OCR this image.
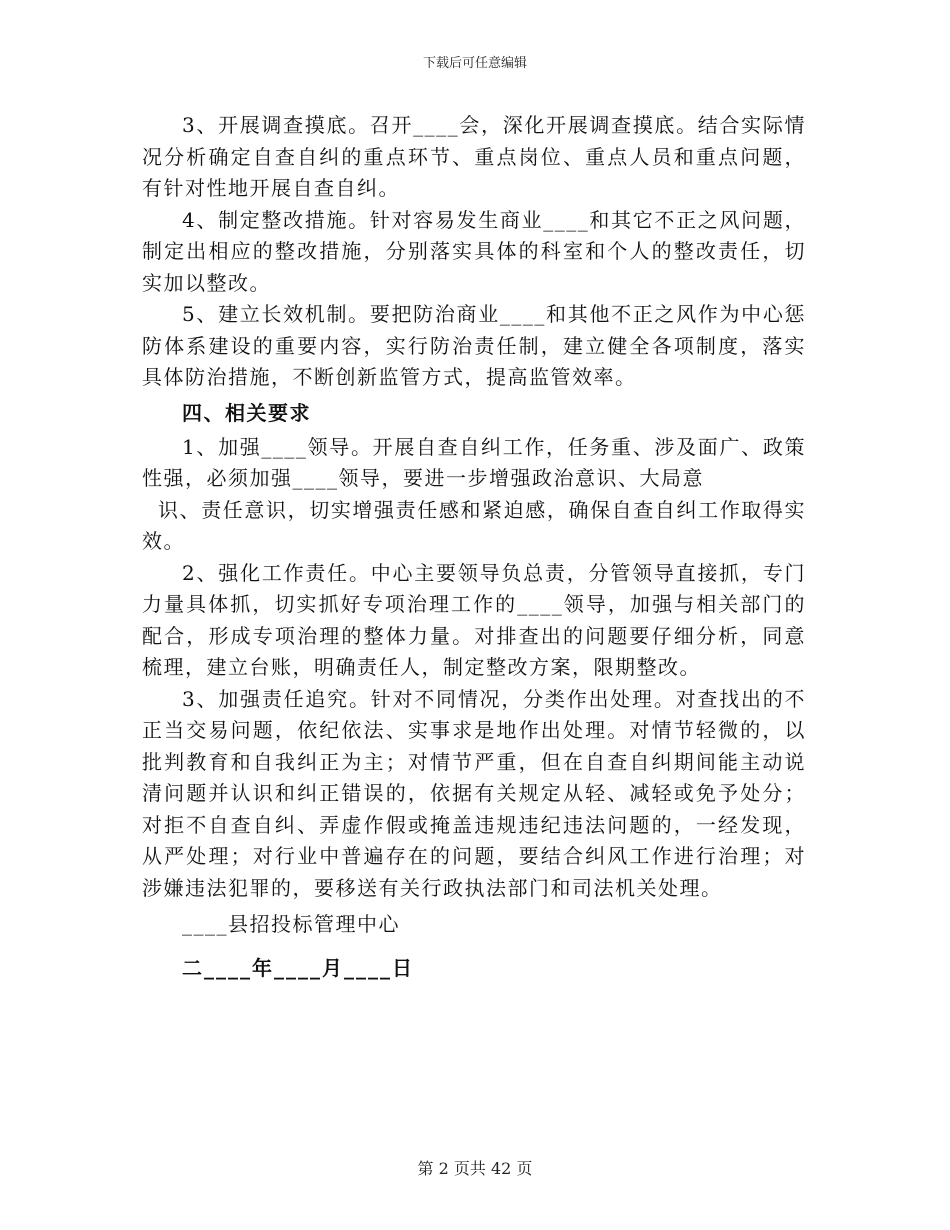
下载后可任意编辑

3、开展调查摸底。召开____会，深化开展调查摸底。结合实际情况分析确定自查自纠的重点环节、重点岗位、重点人员和重点问题，有针对性地开展自查自纠。

4、制定整改措施。针对容易发生商业____和其它不正之风问题，制定出相应的整改措施，分别落实具体的科室和个人的整改责任，切实加以整改。

5、建立长效机制。要把防治商业____和其他不正之风作为中心惩防体系建设的重要内容，实行防治责任制，建立健全各项制度，落实具体防治措施，不断创新监管方式，提高监管效率。

四、相关要求

1、加强____领导。开展自查自纠工作，任务重、涉及面广、政策性强，必须加强____领导，要进一步增强政治意识、大局意

识、责任意识，切实增强责任感和紧迫感，确保自查自纠工作取得实效。

2、强化工作责任。中心主要领导负总责，分管领导直接抓，专门力量具体抓，切实抓好专项治理工作的____领导，加强与相关部门的配合，形成专项治理的整体力量。对排查出的问题要仔细分析，同意梳理，建立台账，明确责任人，制定整改方案，限期整改。

3、加强责任追究。针对不同情况，分类作出处理。对查找出的不正当交易问题，依纪依法、实事求是地作出处理。对情节轻微的，以批判教育和自我纠正为主；对情节严重，但在自查自纠期间能主动说清问题并认识和纠正错误的，依据有关规定从轻、减轻或免予处分；对拒不自查自纠、弄虚作假或掩盖违规违纪违法问题的，一经发现，从严处理；对行业中普遍存在的问题，要结合纠风工作进行治理；对涉嫌违法犯罪的，要移送有关行政执法部门和司法机关处理。

____县招投标管理中心

二____年____月____日

第 2 页共 42 页
